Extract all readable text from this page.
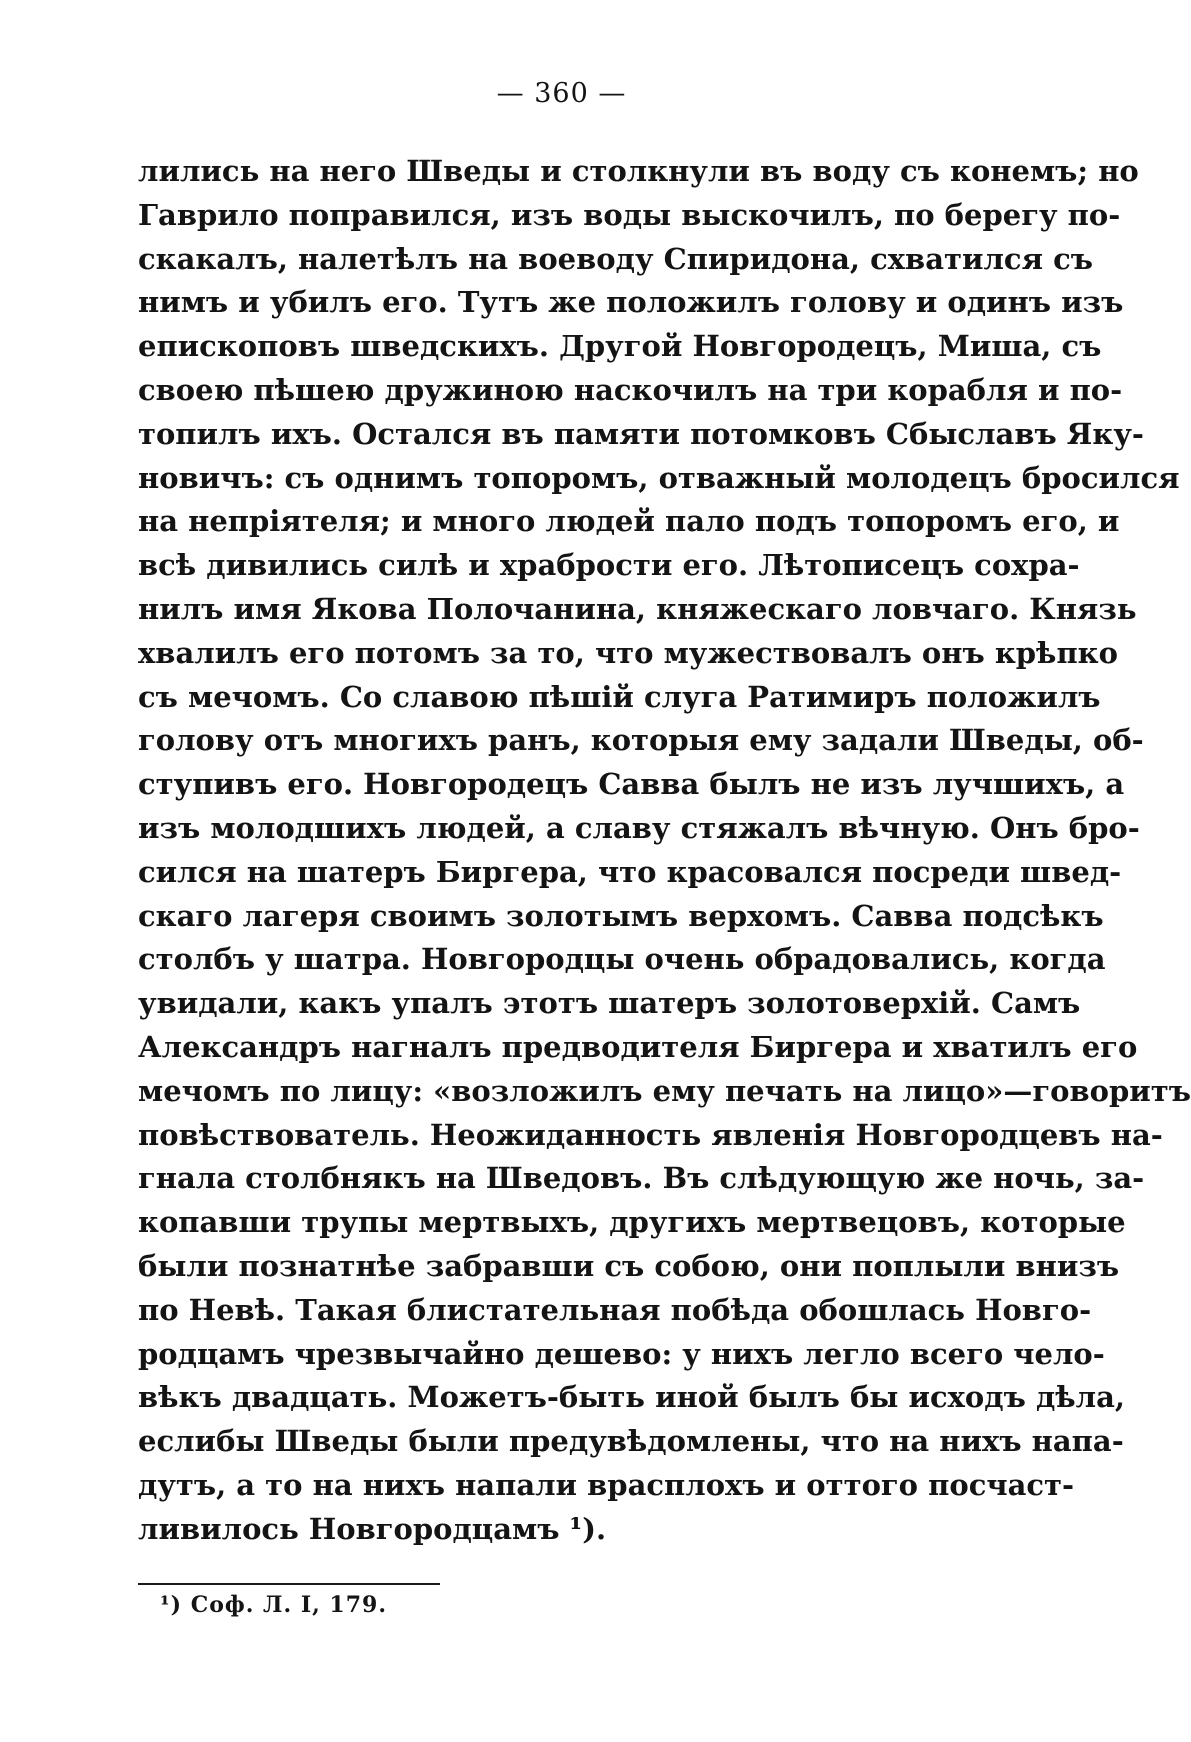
— 360 —
лились на него Шведы и столкнули въ воду съ конемъ; но
Гаврило поправился, изъ воды выскочилъ, по берегу по-
скакалъ, налетѣлъ на воеводу Спиридона, схватился съ
нимъ и убилъ его. Тутъ же положилъ голову и одинъ изъ
епископовъ шведскихъ. Другой Новгородецъ, Миша, съ
своею пѣшею дружиною наскочилъ на три корабля и по-
топилъ ихъ. Остался въ памяти потомковъ Сбыславъ Яку-
новичъ: съ однимъ топоромъ, отважный молодецъ бросился
на непріятеля; и много людей пало подъ топоромъ его, и
всѣ дивились силѣ и храбрости его. Лѣтописецъ сохра-
нилъ имя Якова Полочанина, княжескаго ловчаго. Князь
хвалилъ его потомъ за то, что мужествовалъ онъ крѣпко
съ мечомъ. Со славою пѣшій слуга Ратимиръ положилъ
голову отъ многихъ ранъ, которыя ему задали Шведы, об-
ступивъ его. Новгородецъ Савва былъ не изъ лучшихъ, а
изъ молодшихъ людей, а славу стяжалъ вѣчную. Онъ бро-
сился на шатеръ Биргера, что красовался посреди швед-
скаго лагеря своимъ золотымъ верхомъ. Савва подсѣкъ
столбъ у шатра. Новгородцы очень обрадовались, когда
увидали, какъ упалъ этотъ шатеръ золотоверхій. Самъ
Александръ нагналъ предводителя Биргера и хватилъ его
мечомъ по лицу: «возложилъ ему печать на лицо»—говоритъ
повѣствователь. Неожиданность явленія Новгородцевъ на-
гнала столбнякъ на Шведовъ. Въ слѣдующую же ночь, за-
копавши трупы мертвыхъ, другихъ мертвецовъ, которые
были познатнѣе забравши съ собою, они поплыли внизъ
по Невѣ. Такая блистательная побѣда обошлась Новго-
родцамъ чрезвычайно дешево: у нихъ легло всего чело-
вѣкъ двадцать. Можетъ-быть иной былъ бы исходъ дѣла,
еслибы Шведы были предувѣдомлены, что на нихъ напа-
дутъ, а то на нихъ напали врасплохъ и оттого посчаст-
ливилось Новгородцамъ ¹).
¹) Соф. Л. I, 179.
